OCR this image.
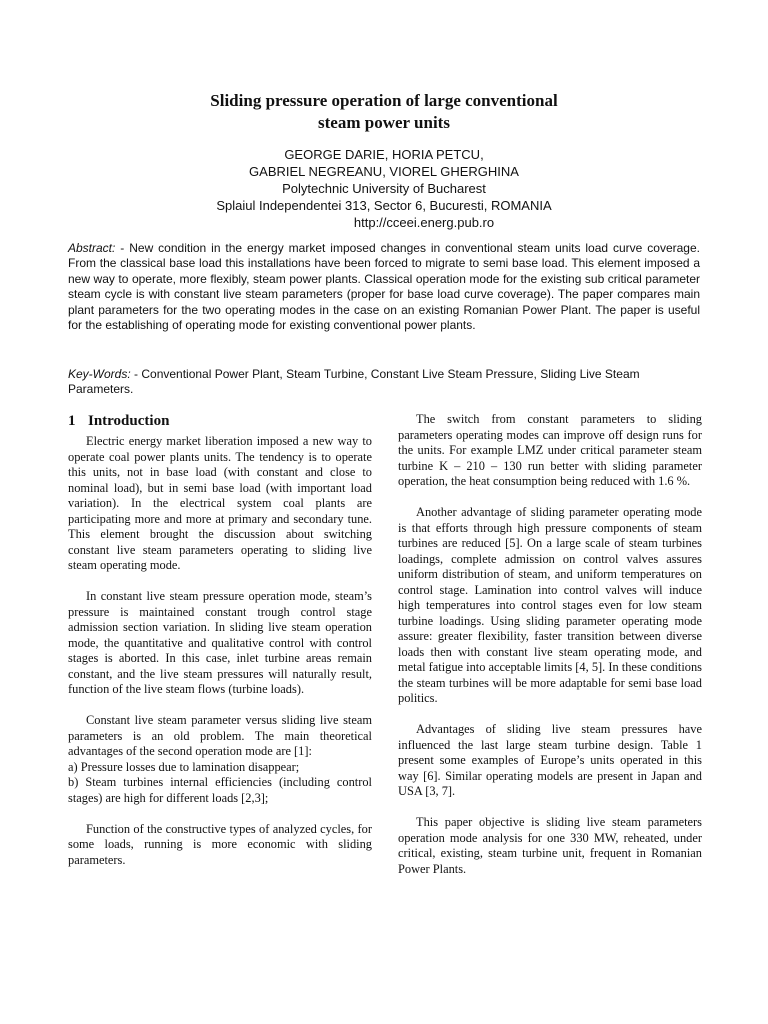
Sliding pressure operation of large conventional
steam power units
GEORGE DARIE, HORIA PETCU,
GABRIEL NEGREANU, VIOREL GHERGHINA
Polytechnic University of Bucharest
Splaiul Independentei 313, Sector 6, Bucuresti, ROMANIA
http://cceei.energ.pub.ro

Abstract: - New condition in the energy market imposed changes in conventional steam units load curve coverage. From the classical base load this installations have been forced to migrate to semi base load. This element imposed a new way to operate, more flexibly, steam power plants. Classical operation mode for the existing sub critical parameter steam cycle is with constant live steam parameters (proper for base load curve coverage). The paper compares main plant parameters for the two operating modes in the case on an existing Romanian Power Plant. The paper is useful for the establishing of operating mode for existing conventional power plants.

Key-Words: - Conventional Power Plant, Steam Turbine, Constant Live Steam Pressure, Sliding Live Steam Parameters.

1 Introduction

Electric energy market liberation imposed a new way to operate coal power plants units. The tendency is to operate this units, not in base load (with constant and close to nominal load), but in semi base load (with important load variation). In the electrical system coal plants are participating more and more at primary and secondary tune. This element brought the discussion about switching constant live steam parameters operating to sliding live steam operating mode.

In constant live steam pressure operation mode, steam’s pressure is maintained constant trough control stage admission section variation. In sliding live steam operation mode, the quantitative and qualitative control with control stages is aborted. In this case, inlet turbine areas remain constant, and the live steam pressures will naturally result, function of the live steam flows (turbine loads).

Constant live steam parameter versus sliding live steam parameters is an old problem. The main theoretical advantages of the second operation mode are [1]:

a) Pressure losses due to lamination disappear;

b) Steam turbines internal efficiencies (including control stages) are high for different loads [2,3];

Function of the constructive types of analyzed cycles, for some loads, running is more economic with sliding parameters.

The switch from constant parameters to sliding parameters operating modes can improve off design runs for the units. For example LMZ under critical parameter steam turbine K – 210 – 130 run better with sliding parameter operation, the heat consumption being reduced with 1.6 %.

Another advantage of sliding parameter operating mode is that efforts through high pressure components of steam turbines are reduced [5]. On a large scale of steam turbines loadings, complete admission on control valves assures uniform distribution of steam, and uniform temperatures on control stage. Lamination into control valves will induce high temperatures into control stages even for low steam turbine loadings. Using sliding parameter operating mode assure: greater flexibility, faster transition between diverse loads then with constant live steam operating mode, and metal fatigue into acceptable limits [4, 5]. In these conditions the steam turbines will be more adaptable for semi base load politics.

Advantages of sliding live steam pressures have influenced the last large steam turbine design. Table 1 present some examples of Europe’s units operated in this way [6]. Similar operating models are present in Japan and USA [3, 7].

This paper objective is sliding live steam parameters operation mode analysis for one 330 MW, reheated, under critical, existing, steam turbine unit, frequent in Romanian Power Plants.
